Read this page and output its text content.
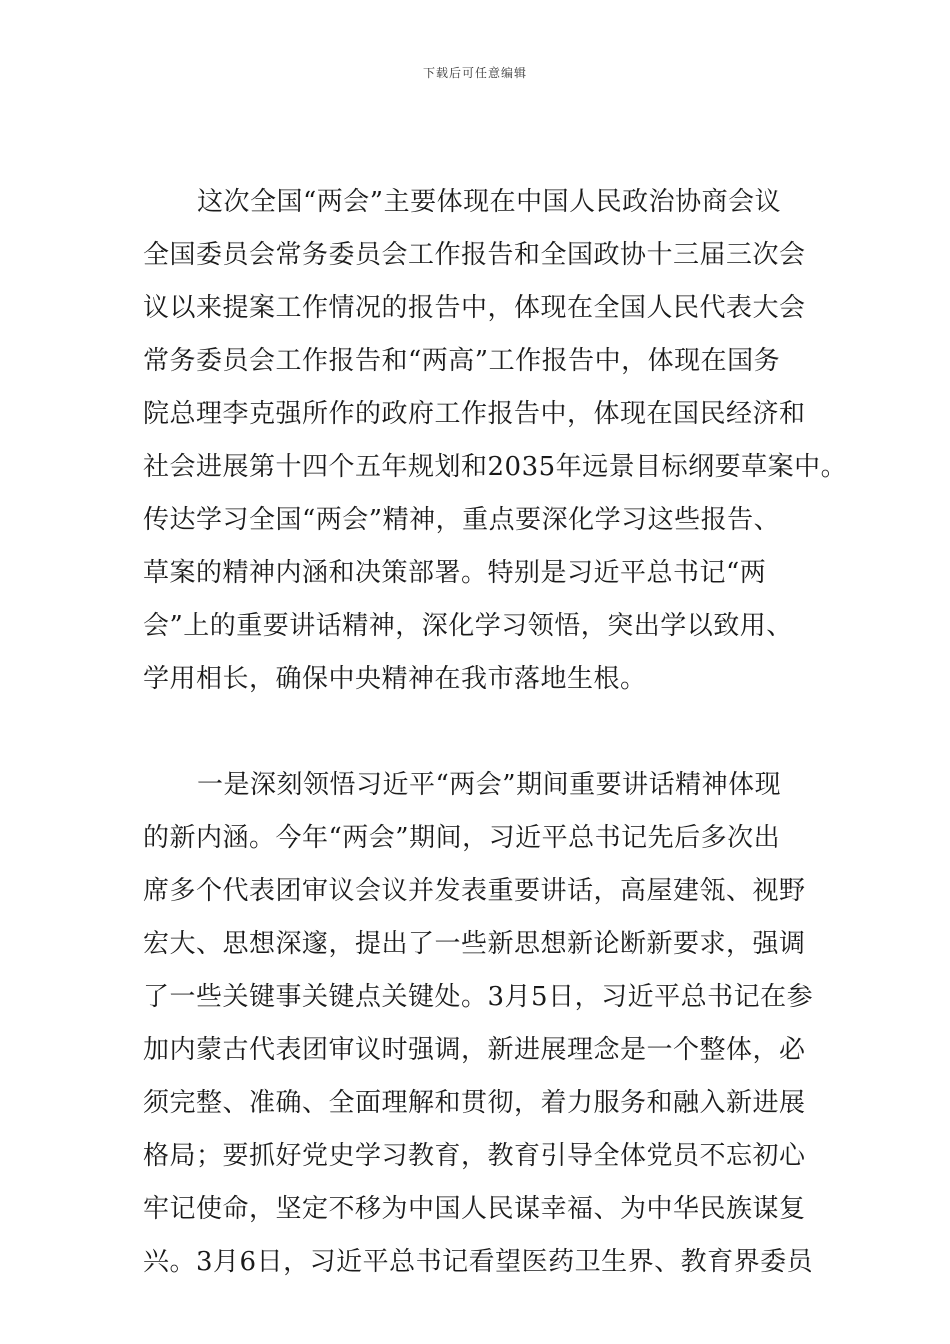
下载后可任意编辑
这次全国“两会”主要体现在中国人民政治协商会议
全国委员会常务委员会工作报告和全国政协十三届三次会
议以来提案工作情况的报告中，体现在全国人民代表大会
常务委员会工作报告和“两高”工作报告中，体现在国务
院总理李克强所作的政府工作报告中，体现在国民经济和
社会进展第十四个五年规划和2035年远景目标纲要草案中。
传达学习全国“两会”精神，重点要深化学习这些报告、
草案的精神内涵和决策部署。特别是习近平总书记“两
会”上的重要讲话精神，深化学习领悟，突出学以致用、
学用相长，确保中央精神在我市落地生根。
一是深刻领悟习近平“两会”期间重要讲话精神体现
的新内涵。今年“两会”期间，习近平总书记先后多次出
席多个代表团审议会议并发表重要讲话，高屋建瓴、视野
宏大、思想深邃，提出了一些新思想新论断新要求，强调
了一些关键事关键点关键处。3月5日，习近平总书记在参
加内蒙古代表团审议时强调，新进展理念是一个整体，必
须完整、准确、全面理解和贯彻，着力服务和融入新进展
格局；要抓好党史学习教育，教育引导全体党员不忘初心
牢记使命，坚定不移为中国人民谋幸福、为中华民族谋复
兴。3月6日，习近平总书记看望医药卫生界、教育界委员
